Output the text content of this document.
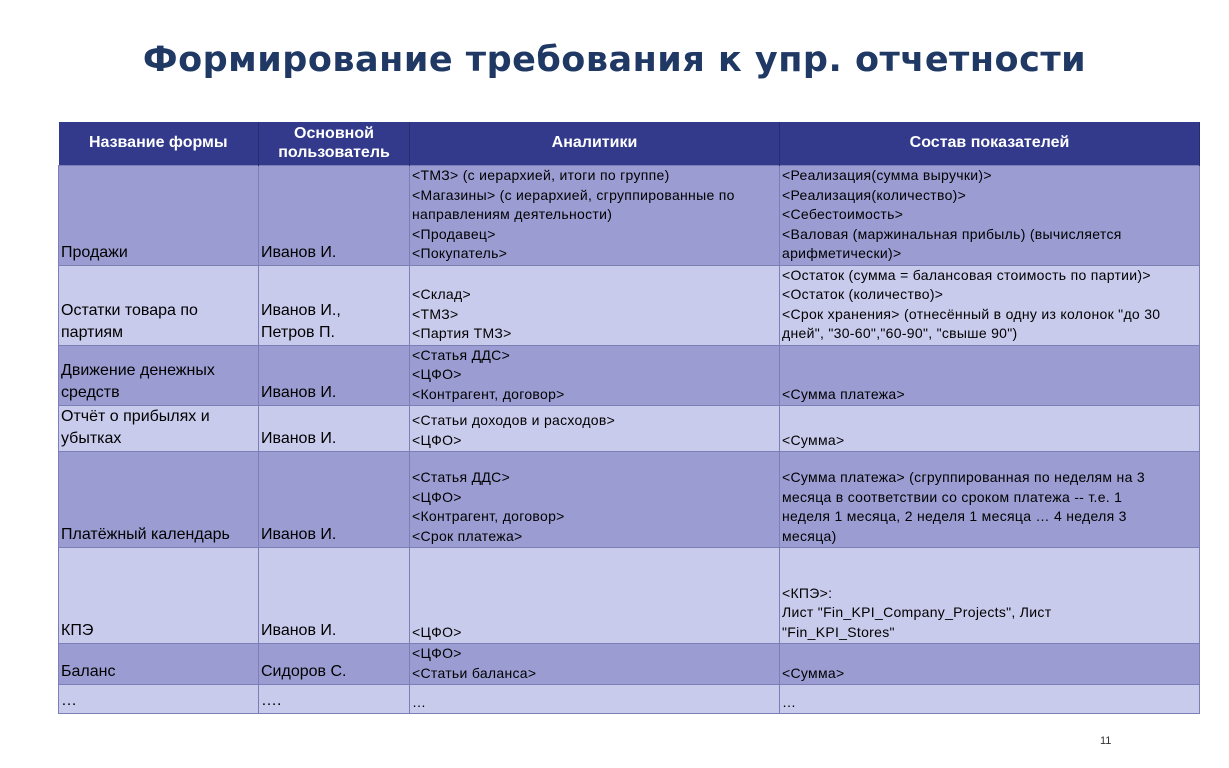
Формирование требования к упр. отчетности
Название формы	Основной пользователь	Аналитики	Состав показателей

Продажи	Иванов И.	<ТМЗ> (с иерархией, итоги по группе)
<Магазины> (с иерархией, сгруппированные по
направлениям деятельности)
<Продавец>
<Покупатель>	<Реализация(сумма выручки)>
<Реализация(количество)>
<Себестоимость>
<Валовая (маржинальная прибыль) (вычисляется
арифметически)>

Остатки товара по
партиям	Иванов И.,
Петров П.	<Склад>
<ТМЗ>
<Партия ТМЗ>	<Остаток (сумма = балансовая стоимость по партии)>
<Остаток (количество)>
<Срок хранения> (отнесённый в одну из колонок "до 30
дней", "30-60","60-90", "свыше 90")

Движение денежных
средств	Иванов И.	<Статья ДДС>
<ЦФО>
<Контрагент, договор>	<Сумма платежа>

Отчёт о прибылях и
убытках	Иванов И.	<Статьи доходов и расходов>
<ЦФО>	<Сумма>

Платёжный календарь	Иванов И.	<Статья ДДС>
<ЦФО>
<Контрагент, договор>
<Срок платежа>	<Сумма платежа> (сгруппированная по неделям на 3
месяца в соответствии со сроком платежа -- т.е. 1
неделя 1 месяца, 2 неделя 1 месяца … 4 неделя 3
месяца)

КПЭ	Иванов И.	<ЦФО>	<КПЭ>:
Лист "Fin_KPI_Company_Projects", Лист
"Fin_KPI_Stores"

Баланс	Сидоров С.	<ЦФО>
<Статьи баланса>	<Сумма>

…	….	…	…
11
